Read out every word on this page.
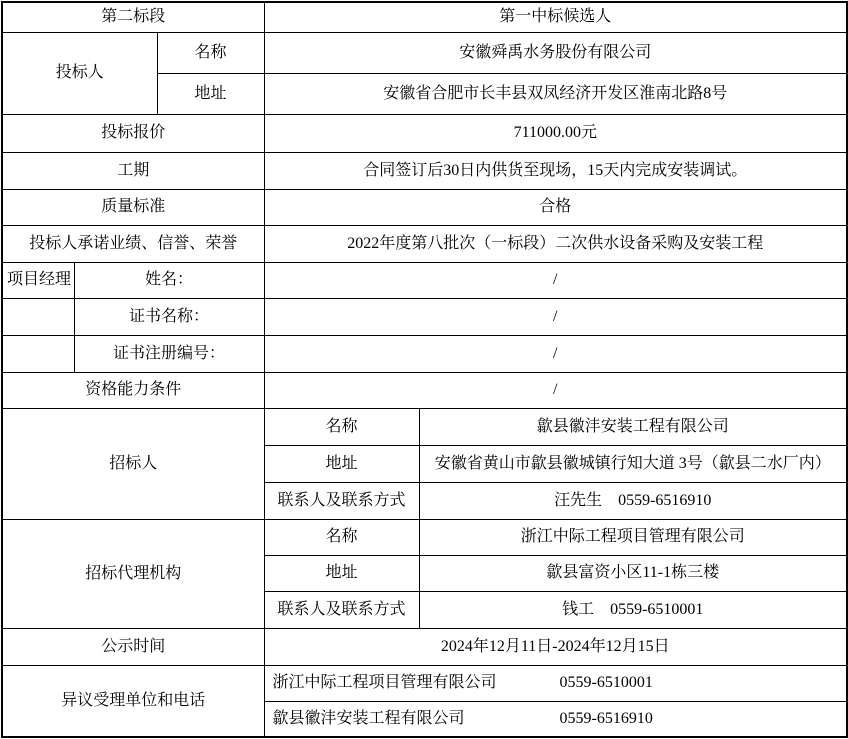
第二标段			第一中标候选人	
投标人		名称	安徽舜禹水务股份有限公司	
		地址	安徽省合肥市长丰县双凤经济开发区淮南北路8号	
投标报价			711000.00元	
工期			合同签订后30日内供货至现场，15天内完成安装调试。	
质量标准			合格	
投标人承诺业绩、信誉、荣誉			2022年度第八批次（一标段）二次供水设备采购及安装工程	
项目经理	姓名：		/	
	证书名称：		/	
	证书注册编号：		/	
资格能力条件			/	
招标人			名称	歙县徽沣安装工程有限公司
			地址	安徽省黄山市歙县徽城镇行知大道 3号（歙县二水厂内）
			联系人及联系方式	汪先生　0559-6516910
招标代理机构			名称	浙江中际工程项目管理有限公司
			地址	歙县富资小区11-1栋三楼
			联系人及联系方式	钱工　0559-6510001
公示时间			2024年12月11日-2024年12月15日	
异议受理单位和电话			浙江中际工程项目管理有限公司 0559-6510001	

			歙县徽沣安装工程有限公司 0559-6516910	
